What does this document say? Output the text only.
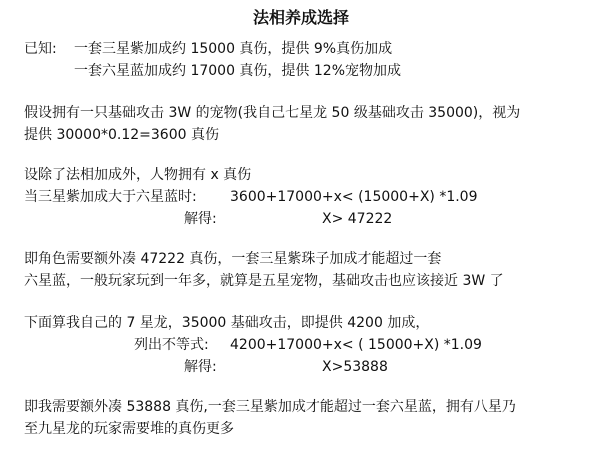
法相养成选择
已知: 一套三星紫加成约 15000 真伤，提供 9%真伤加成
一套六星蓝加成约 17000 真伤，提供 12%宠物加成
假设拥有一只基础攻击 3W 的宠物(我自己七星龙 50 级基础攻击 35000)，视为
提供 30000*0.12=3600 真伤
设除了法相加成外，人物拥有 x 真伤
当三星紫加成大于六星蓝时: 3600+17000+x< (15000+X) *1.09
解得:	X> 47222
即角色需要额外凑 47222 真伤，一套三星紫珠子加成才能超过一套
六星蓝，一般玩家玩到一年多，就算是五星宠物，基础攻击也应该接近 3W 了
下面算我自己的 7 星龙，35000 基础攻击，即提供 4200 加成，
列出不等式: 4200+17000+x< ( 15000+X) *1.09
解得:	X>53888
即我需要额外凑 53888 真伤,一套三星紫加成才能超过一套六星蓝，拥有八星乃
至九星龙的玩家需要堆的真伤更多
